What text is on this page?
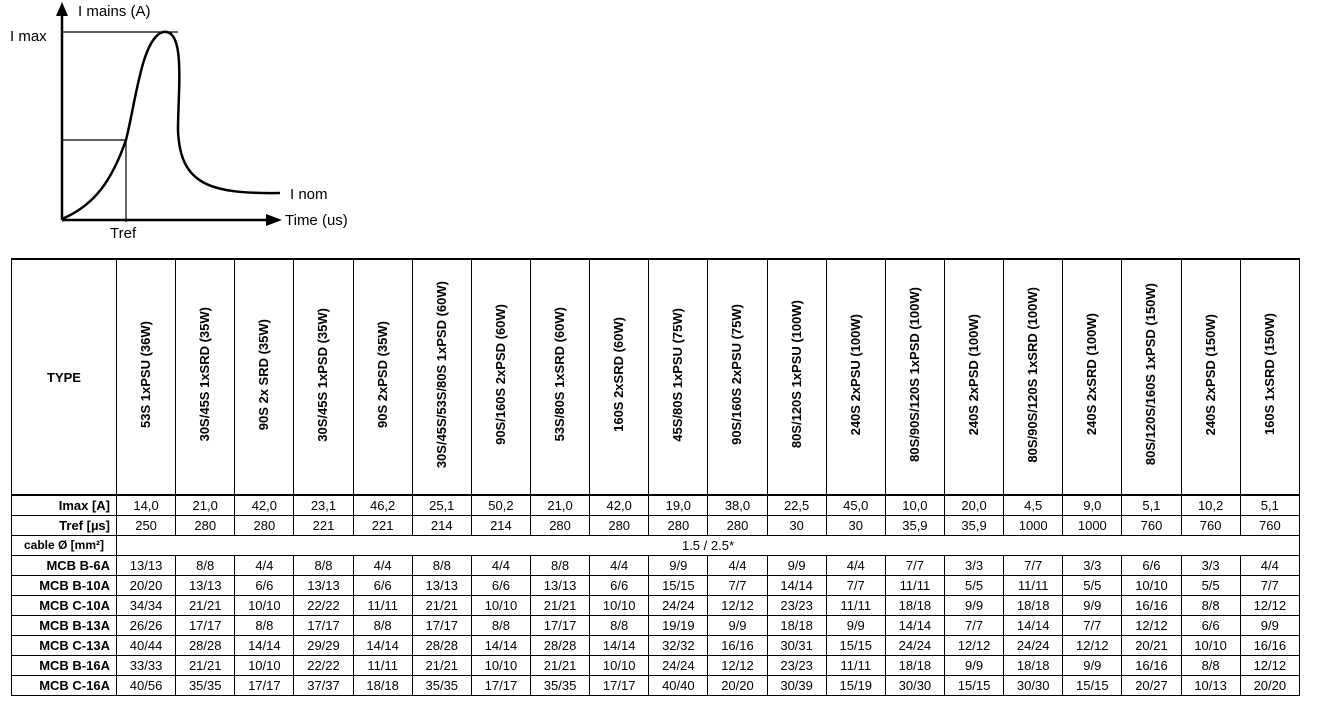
I mains (A)
I max
I nom
Time (us)
Tref
TYPE	53S 1xPSU (36W)	30S/45S 1xSRD (35W)	90S 2x SRD (35W)	30S/45S 1xPSD (35W)	90S 2xPSD (35W)	30S/45S/53S/80S 1xPSD (60W)	90S/160S 2xPSD (60W)	53S/80S 1xSRD (60W)	160S 2xSRD (60W)	45S/80S 1xPSU (75W)	90S/160S 2xPSU (75W)	80S/120S 1xPSU (100W)	240S 2xPSU (100W)	80S/90S/120S 1xPSD (100W)	240S 2xPSD (100W)	80S/90S/120S 1xSRD (100W)	240S 2xSRD (100W)	80S/120S/160S 1xPSD (150W)	240S 2xPSD (150W)	160S 1xSRD (150W)
Imax [A]	14,0	21,0	42,0	23,1	46,2	25,1	50,2	21,0	42,0	19,0	38,0	22,5	45,0	10,0	20,0	4,5	9,0	5,1	10,2	5,1
Tref [µs]	250	280	280	221	221	214	214	280	280	280	280	30	30	35,9	35,9	1000	1000	760	760	760
cable Ø [mm²]	1.5 / 2.5*																			
MCB B-6A	13/13	8/8	4/4	8/8	4/4	8/8	4/4	8/8	4/4	9/9	4/4	9/9	4/4	7/7	3/3	7/7	3/3	6/6	3/3	4/4
MCB B-10A	20/20	13/13	6/6	13/13	6/6	13/13	6/6	13/13	6/6	15/15	7/7	14/14	7/7	11/11	5/5	11/11	5/5	10/10	5/5	7/7
MCB C-10A	34/34	21/21	10/10	22/22	11/11	21/21	10/10	21/21	10/10	24/24	12/12	23/23	11/11	18/18	9/9	18/18	9/9	16/16	8/8	12/12
MCB B-13A	26/26	17/17	8/8	17/17	8/8	17/17	8/8	17/17	8/8	19/19	9/9	18/18	9/9	14/14	7/7	14/14	7/7	12/12	6/6	9/9
MCB C-13A	40/44	28/28	14/14	29/29	14/14	28/28	14/14	28/28	14/14	32/32	16/16	30/31	15/15	24/24	12/12	24/24	12/12	20/21	10/10	16/16
MCB B-16A	33/33	21/21	10/10	22/22	11/11	21/21	10/10	21/21	10/10	24/24	12/12	23/23	11/11	18/18	9/9	18/18	9/9	16/16	8/8	12/12
MCB C-16A	40/56	35/35	17/17	37/37	18/18	35/35	17/17	35/35	17/17	40/40	20/20	30/39	15/19	30/30	15/15	30/30	15/15	20/27	10/13	20/20
